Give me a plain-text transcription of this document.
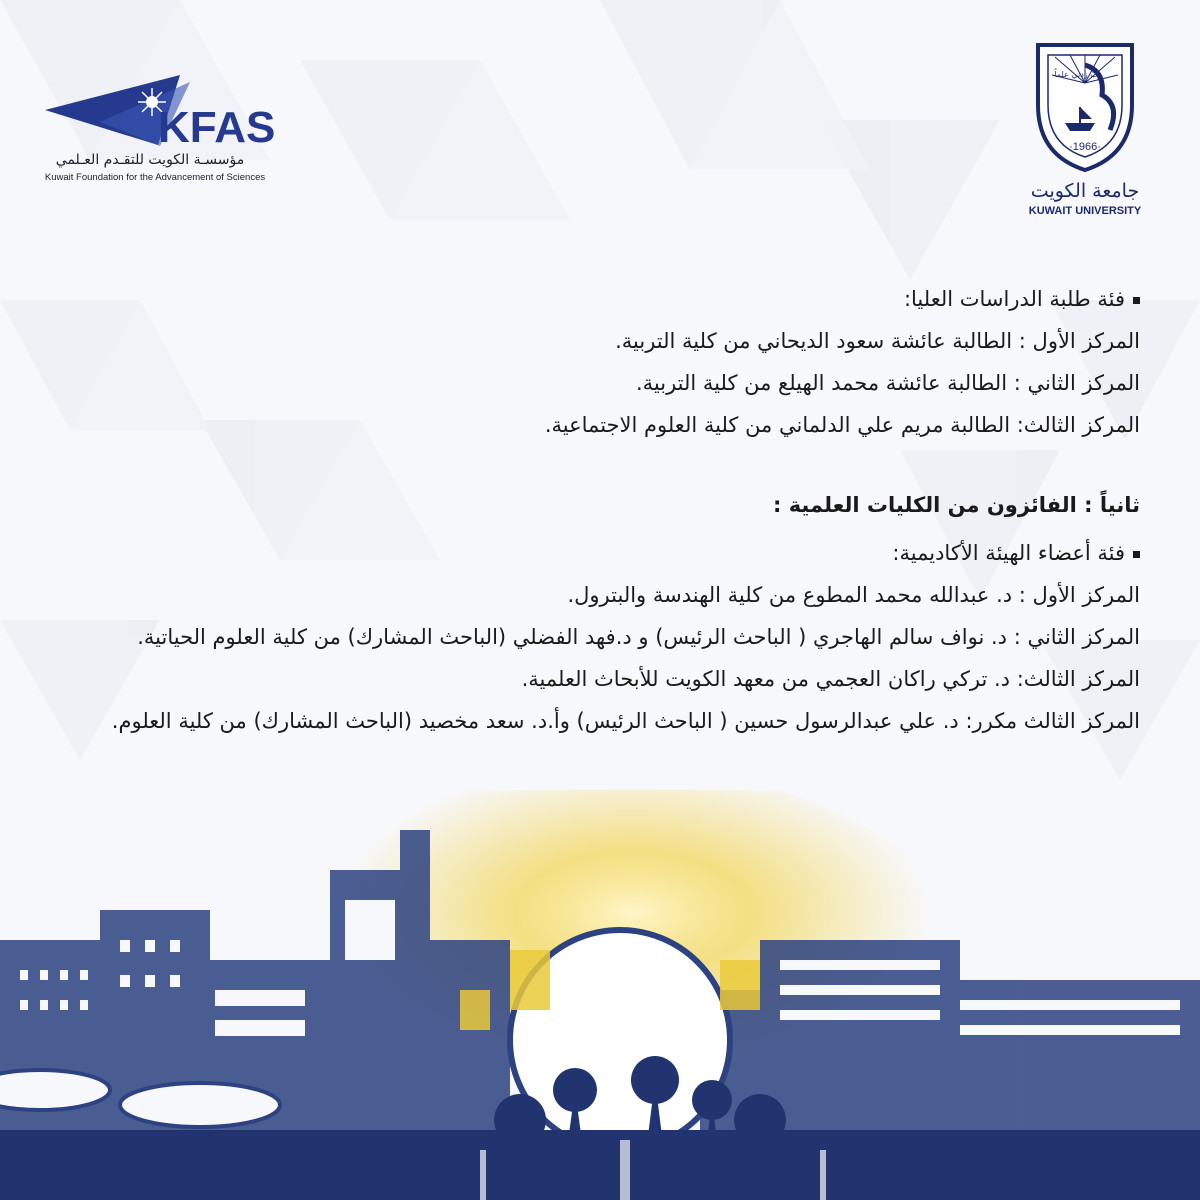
KFAS
مؤسسـة الكويت للتقـدم العـلمي
Kuwait Foundation for the Advancement of Sciences
ربّ زدني علماً
·1966·
جامعة الكويت
KUWAIT UNIVERSITY

فئة طلبة الدراسات العليا:

المركز الأول : الطالبة عائشة سعود الديحاني من كلية التربية.

المركز الثاني : الطالبة عائشة محمد الهيلع من كلية التربية.

المركز الثالث: الطالبة مريم علي الدلماني من كلية العلوم الاجتماعية.

ثانياً : الفائزون من الكليات العلمية :

فئة أعضاء الهيئة الأكاديمية:

المركز الأول : د. عبدالله محمد المطوع من كلية الهندسة والبترول.

المركز الثاني : د. نواف سالم الهاجري ( الباحث الرئيس) و د.فهد الفضلي (الباحث المشارك) من كلية العلوم الحياتية.

المركز الثالث: د. تركي راكان العجمي من معهد الكويت للأبحاث العلمية.

المركز الثالث مكرر: د. علي عبدالرسول حسين ( الباحث الرئيس) وأ.د. سعد مخصيد (الباحث المشارك) من كلية العلوم.
